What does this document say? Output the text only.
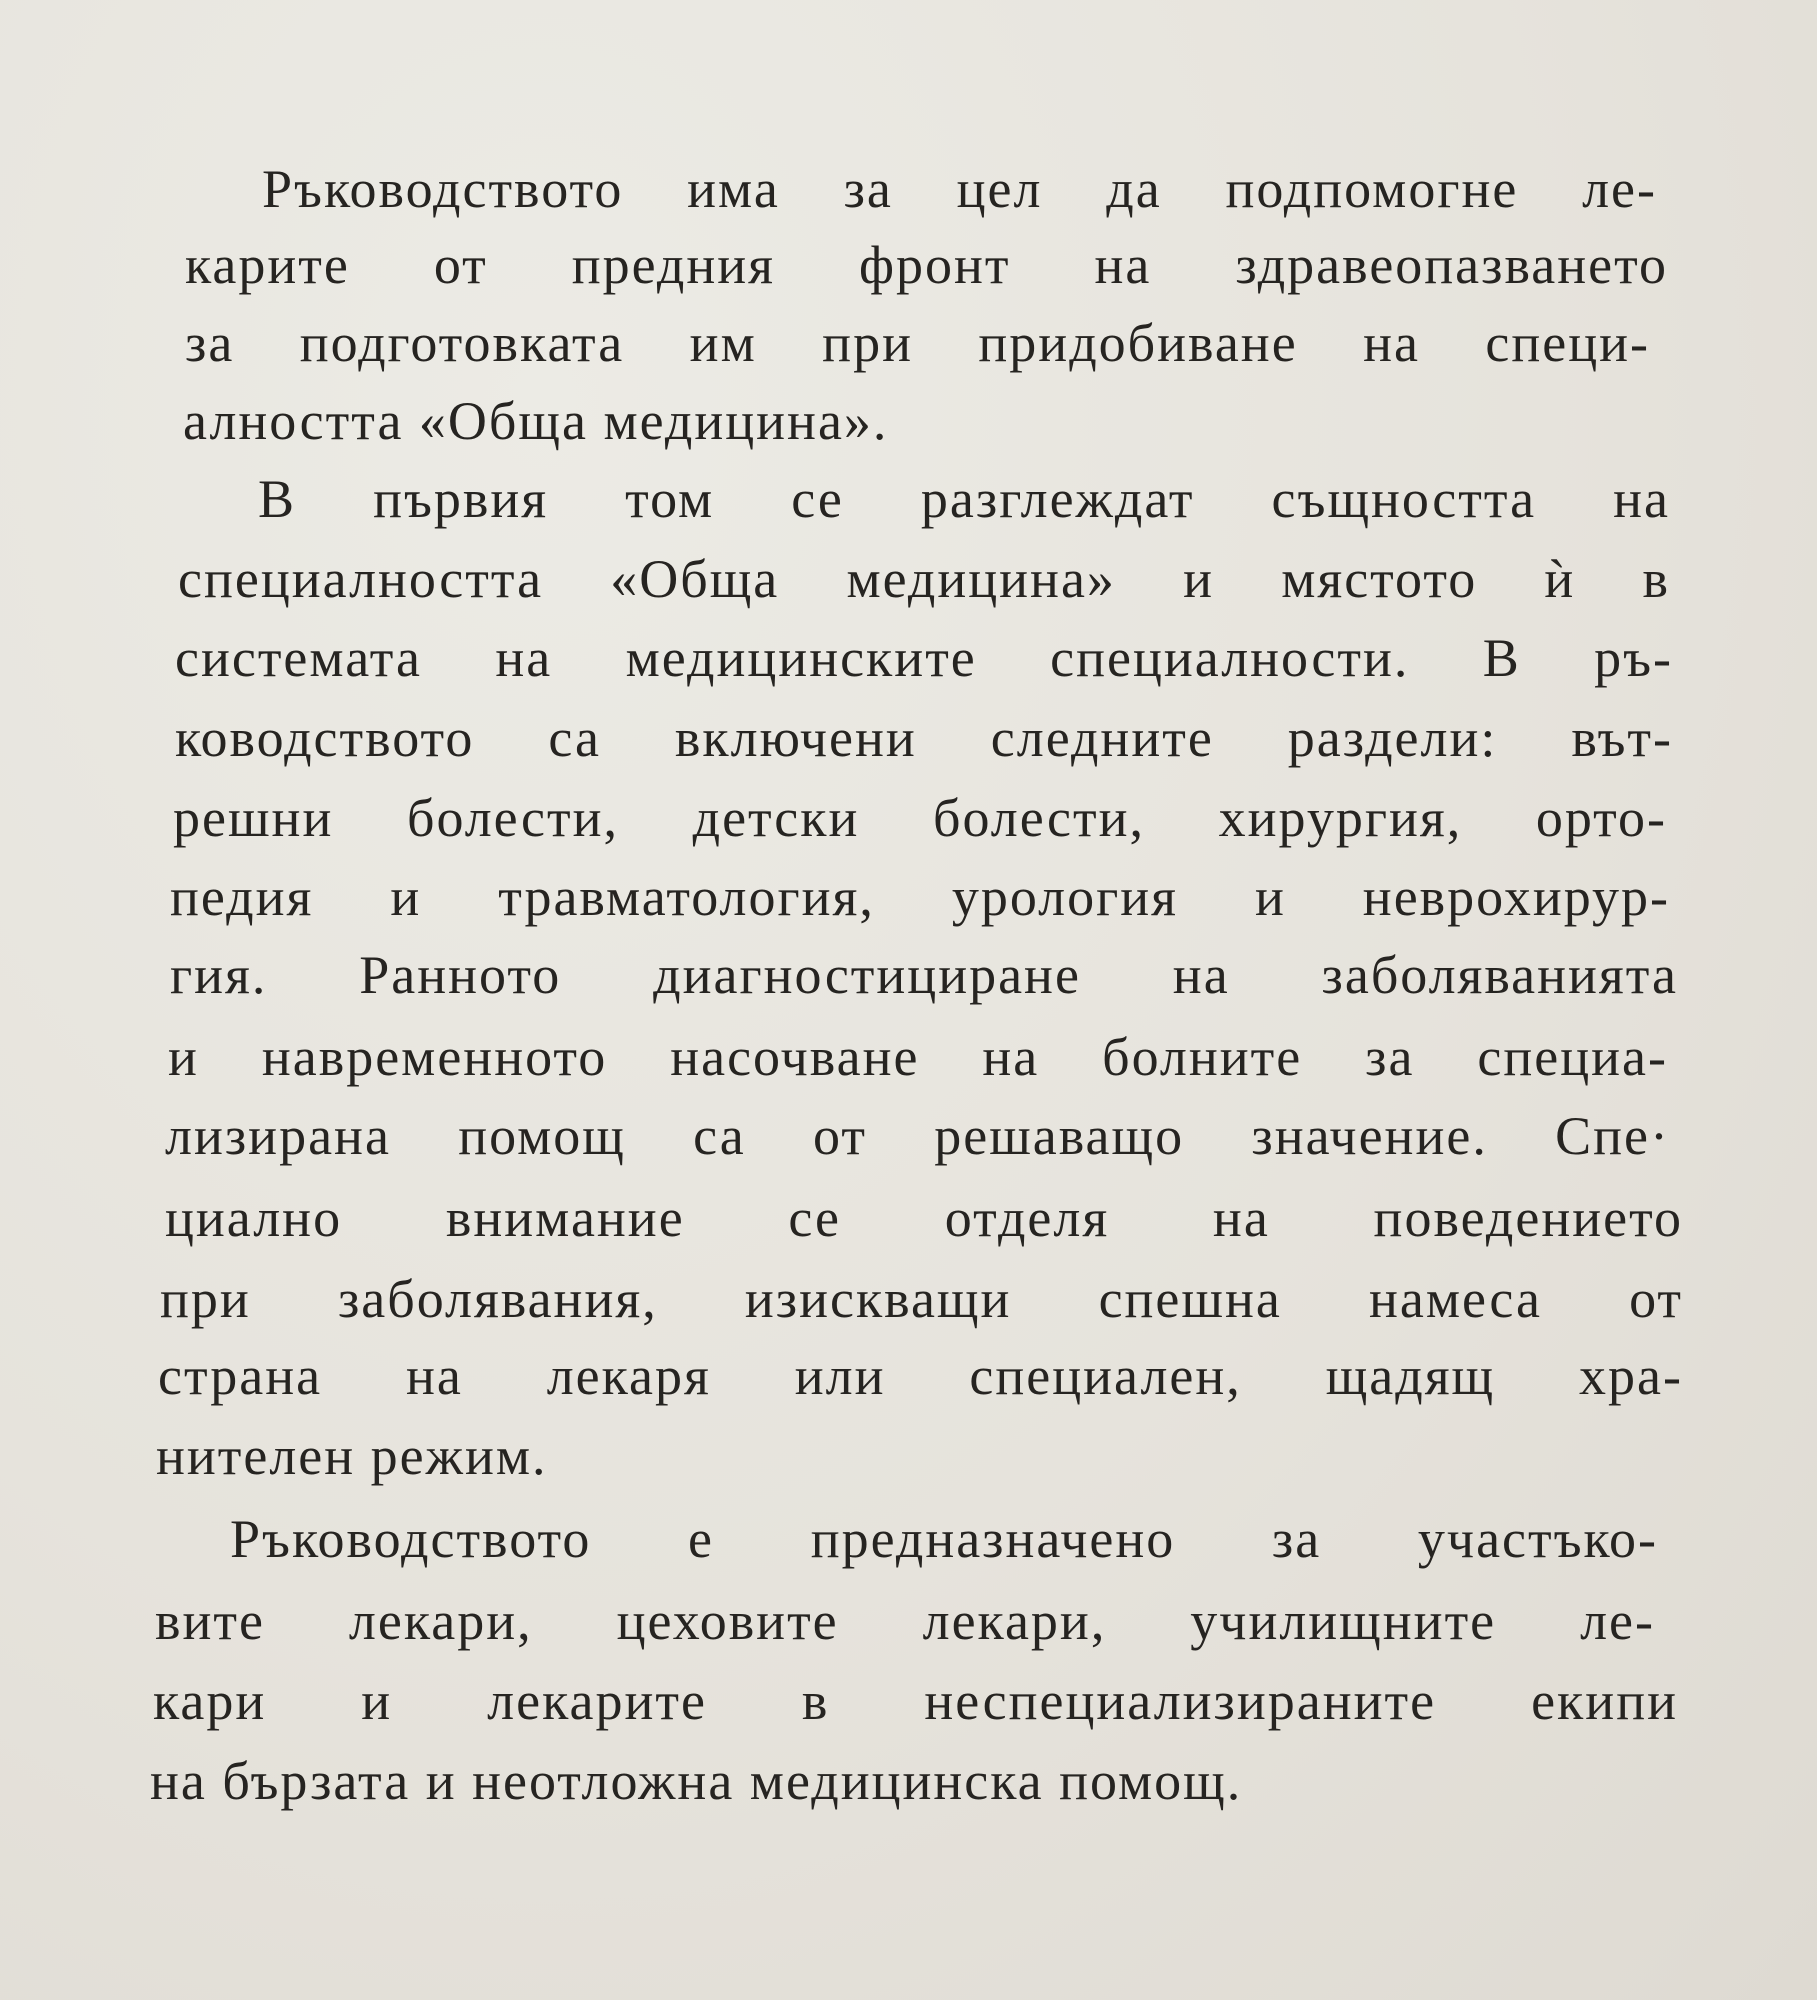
Ръководството има за цел да подпомогне ле-
карите от предния фронт на здравеопазването
за подготовката им при придобиване на специ-
алността «Обща медицина».
В първия том се разглеждат същността на
специалността «Обща медицина» и мястото ѝ в
системата на медицинските специалности. В ръ-
ководството са включени следните раздели: вът-
решни болести, детски болести, хирургия, орто-
педия и травматология, урология и неврохирур-
гия. Ранното диагностициране на заболяванията
и навременното насочване на болните за специа-
лизирана помощ са от решаващо значение. Спе·
циално внимание се отделя на поведението
при заболявания, изискващи спешна намеса от
страна на лекаря или специален, щадящ хра-
нителен режим.
Ръководството е предназначено за участъко-
вите лекари, цеховите лекари, училищните ле-
кари и лекарите в неспециализираните екипи
на бързата и неотложна медицинска помощ.
